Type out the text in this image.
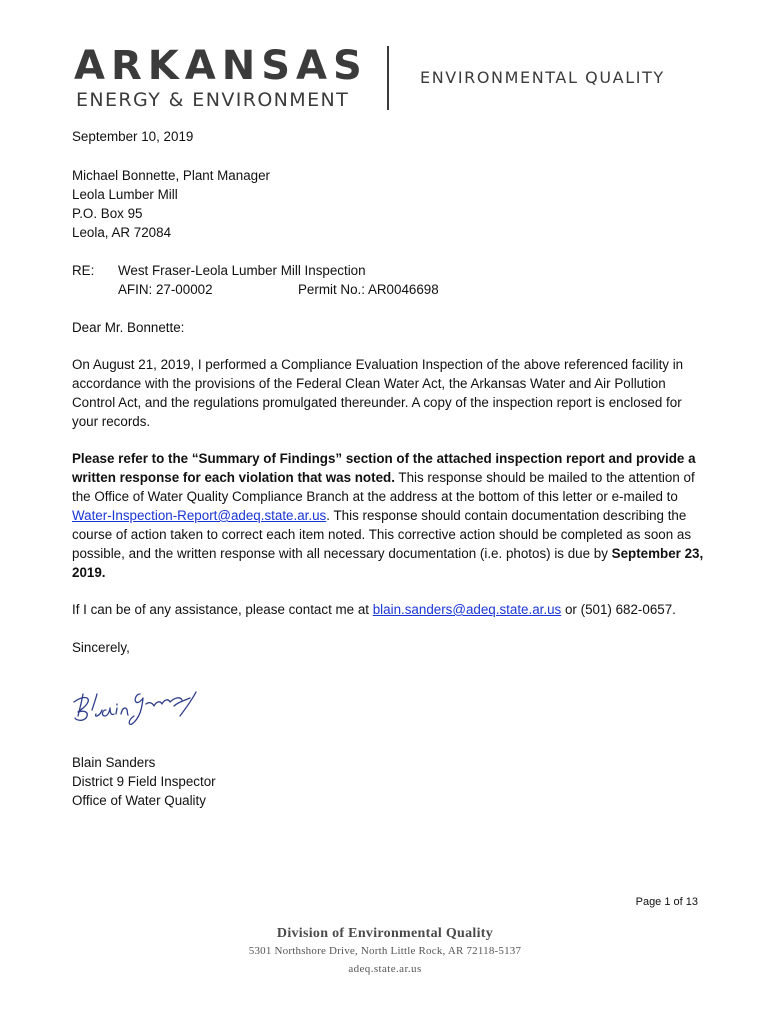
ARKANSAS
ENERGY & ENVIRONMENT
ENVIRONMENTAL QUALITY
September 10, 2019
Michael Bonnette, Plant Manager
Leola Lumber Mill
P.O. Box 95
Leola, AR 72084
RE: West Fraser-Leola Lumber Mill Inspection
AFIN: 27-00002	Permit No.: AR0046698
Dear Mr. Bonnette:
On August 21, 2019, I performed a Compliance Evaluation Inspection of the above referenced facility in accordance with the provisions of the Federal Clean Water Act, the Arkansas Water and Air Pollution Control Act, and the regulations promulgated thereunder. A copy of the inspection report is enclosed for your records.
Please refer to the “Summary of Findings” section of the attached inspection report and provide a written response for each violation that was noted. This response should be mailed to the attention of the Office of Water Quality Compliance Branch at the address at the bottom of this letter or e-mailed to Water-Inspection-Report@adeq.state.ar.us. This response should contain documentation describing the course of action taken to correct each item noted. This corrective action should be completed as soon as possible, and the written response with all necessary documentation (i.e. photos) is due by September 23, 2019.
If I can be of any assistance, please contact me at blain.sanders@adeq.state.ar.us or (501) 682-0657.
Sincerely,
Blain Sanders
District 9 Field Inspector
Office of Water Quality
Page 1 of 13
Division of Environmental Quality
5301 Northshore Drive, North Little Rock, AR 72118-5137
adeq.state.ar.us
